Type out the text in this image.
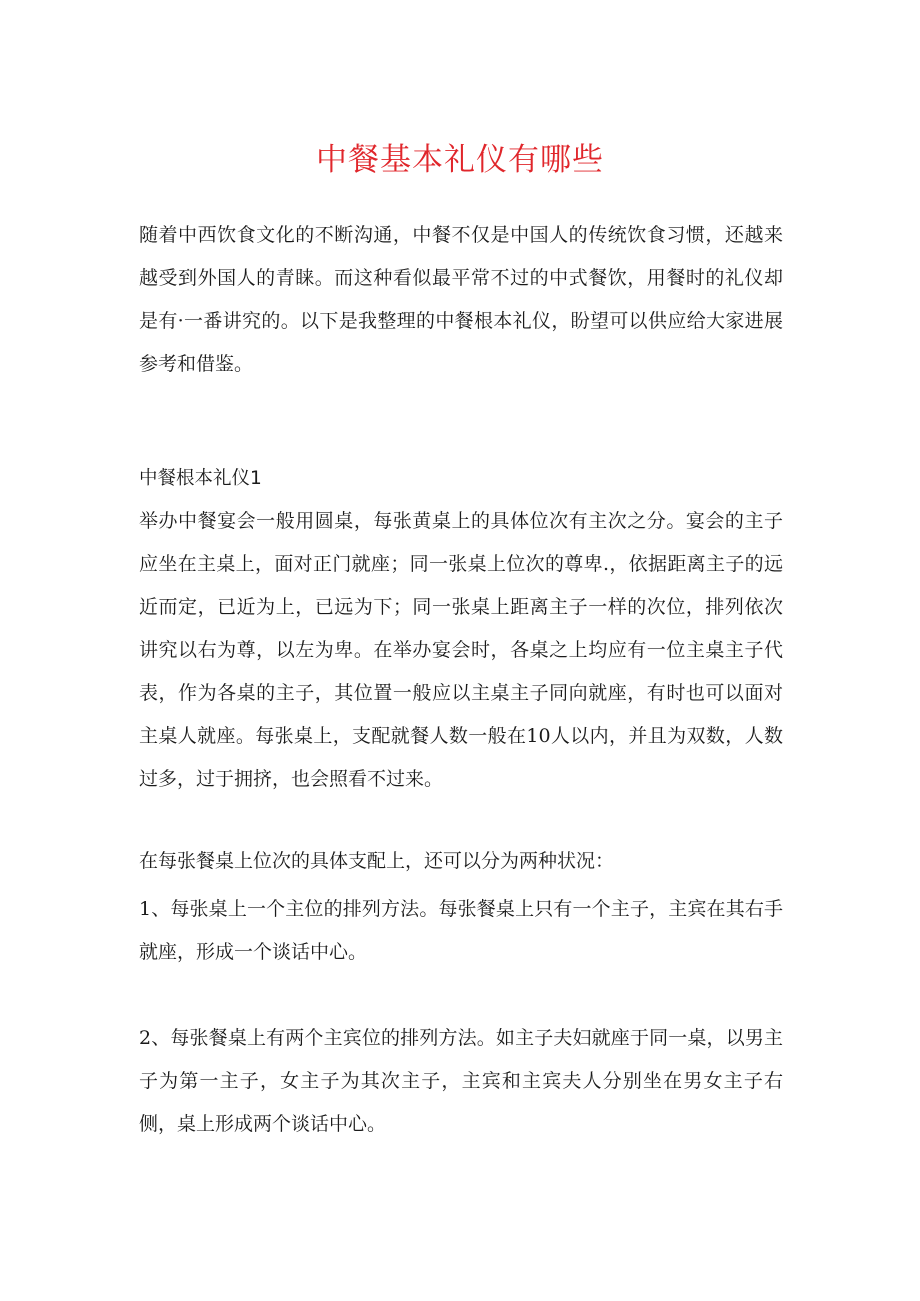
中餐基本礼仪有哪些

随着中西饮食文化的不断沟通，中餐不仅是中国人的传统饮食习惯，还越来越受到外国人的青睐。而这种看似最平常不过的中式餐饮，用餐时的礼仪却是有·一番讲究的。以下是我整理的中餐根本礼仪，盼望可以供应给大家进展参考和借鉴。

中餐根本礼仪1

举办中餐宴会一般用圆桌，每张黄桌上的具体位次有主次之分。宴会的主子应坐在主桌上，面对正门就座；同一张桌上位次的尊卑.，依据距离主子的远近而定，已近为上，已远为下；同一张桌上距离主子一样的次位，排列依次讲究以右为尊，以左为卑。在举办宴会时，各桌之上均应有一位主桌主子代表，作为各桌的主子，其位置一般应以主桌主子同向就座，有时也可以面对主桌人就座。每张桌上，支配就餐人数一般在10人以内，并且为双数，人数过多，过于拥挤，也会照看不过来。

在每张餐桌上位次的具体支配上，还可以分为两种状况：

1、每张桌上一个主位的排列方法。每张餐桌上只有一个主子，主宾在其右手就座，形成一个谈话中心。

2、每张餐桌上有两个主宾位的排列方法。如主子夫妇就座于同一桌，以男主子为第一主子，女主子为其次主子，主宾和主宾夫人分别坐在男女主子右侧，桌上形成两个谈话中心。
